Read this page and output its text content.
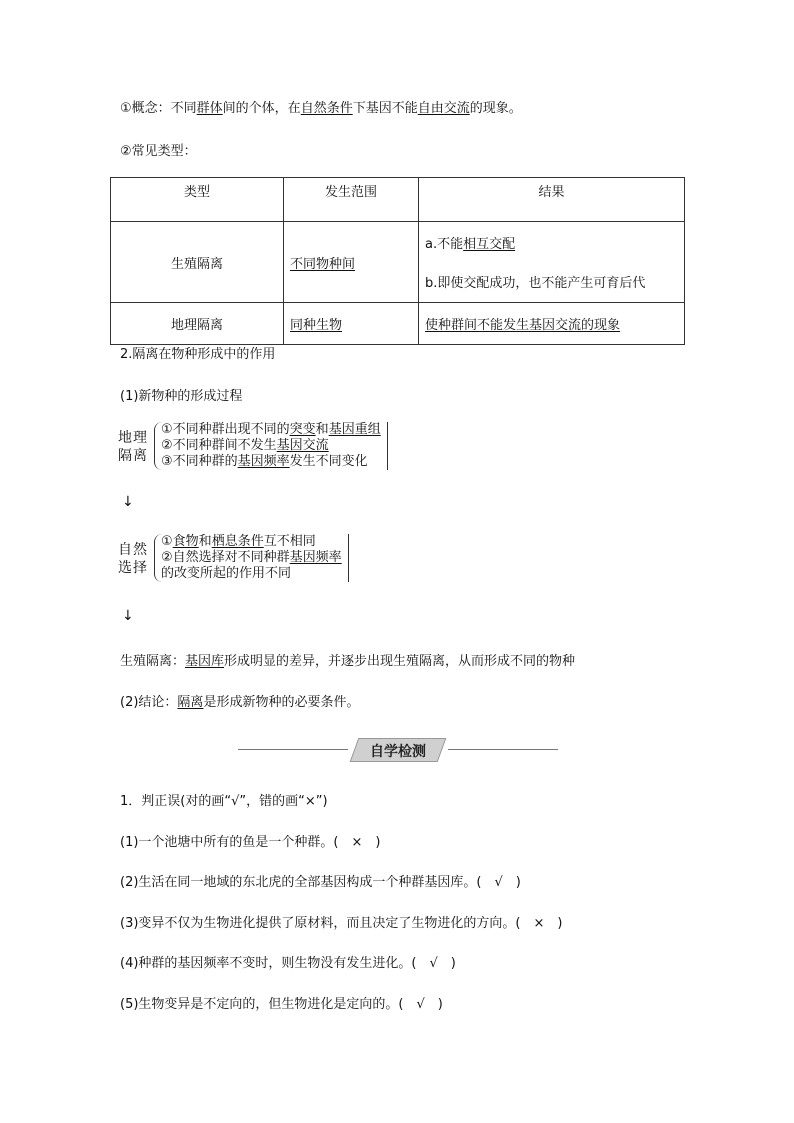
①概念：不同群体间的个体，在自然条件下基因不能自由交流的现象。
②常见类型：
类型	发生范围	结果
生殖隔离	不同物种间	a.不能相互交配
b.即使交配成功，也不能产生可育后代

地理隔离	同种生物	使种群间不能发生基因交流的现象
2.隔离在物种形成中的作用
(1)新物种的形成过程
地理
隔离
①不同种群出现不同的突变和基因重组
②不同种群间不发生基因交流
③不同种群的基因频率发生不同变化
↓
自然
选择
①食物和栖息条件互不相同
②自然选择对不同种群基因频率
的改变所起的作用不同
↓
生殖隔离：基因库形成明显的差异，并逐步出现生殖隔离，从而形成不同的物种
(2)结论：隔离是形成新物种的必要条件。
自学检测
1．判正误(对的画“√”，错的画“×”)
(1)一个池塘中所有的鱼是一个种群。(　×　)
(2)生活在同一地域的东北虎的全部基因构成一个种群基因库。(　√　)
(3)变异不仅为生物进化提供了原材料，而且决定了生物进化的方向。(　×　)
(4)种群的基因频率不变时，则生物没有发生进化。(　√　)
(5)生物变异是不定向的，但生物进化是定向的。(　√　)
